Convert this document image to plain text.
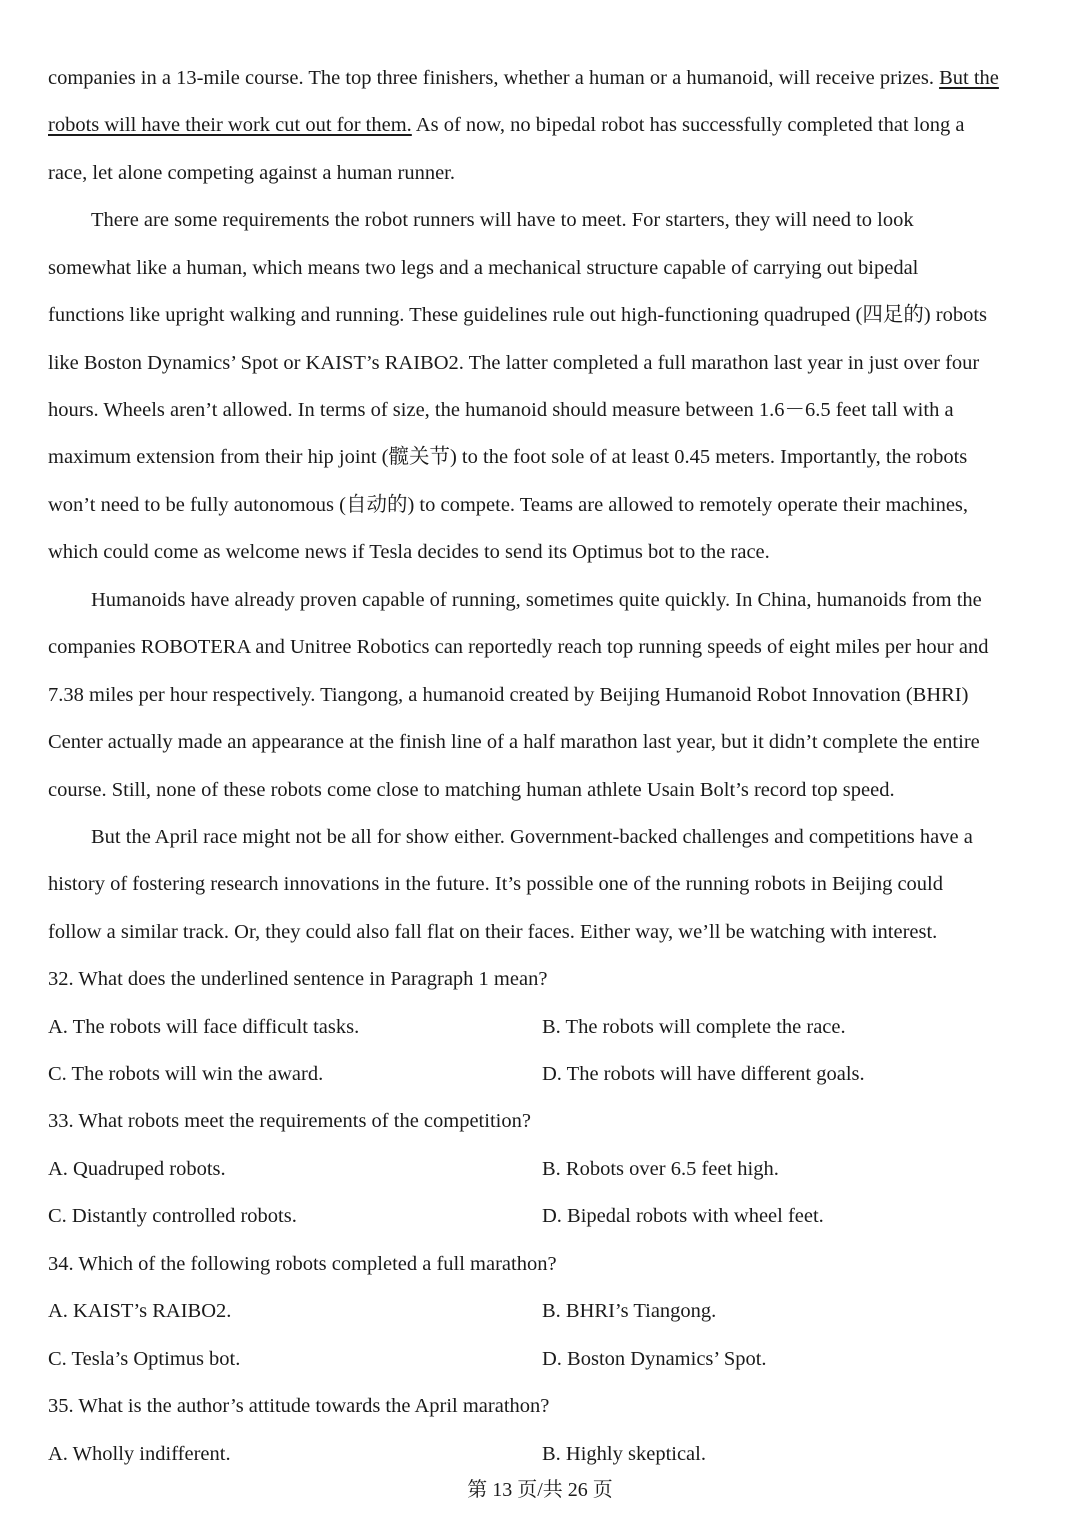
companies in a 13-mile course. The top three finishers, whether a human or a humanoid, will receive prizes. But the
robots will have their work cut out for them. As of now, no bipedal robot has successfully completed that long a
race, let alone competing against a human runner.
There are some requirements the robot runners will have to meet. For starters, they will need to look
somewhat like a human, which means two legs and a mechanical structure capable of carrying out bipedal
functions like upright walking and running. These guidelines rule out high-functioning quadruped (四足的) robots
like Boston Dynamics’ Spot or KAIST’s RAIBO2. The latter completed a full marathon last year in just over four
hours. Wheels aren’t allowed. In terms of size, the humanoid should measure between 1.6－6.5 feet tall with a
maximum extension from their hip joint (髋关节) to the foot sole of at least 0.45 meters. Importantly, the robots
won’t need to be fully autonomous (自动的) to compete. Teams are allowed to remotely operate their machines,
which could come as welcome news if Tesla decides to send its Optimus bot to the race.
Humanoids have already proven capable of running, sometimes quite quickly. In China, humanoids from the
companies ROBOTERA and Unitree Robotics can reportedly reach top running speeds of eight miles per hour and
7.38 miles per hour respectively. Tiangong, a humanoid created by Beijing Humanoid Robot Innovation (BHRI)
Center actually made an appearance at the finish line of a half marathon last year, but it didn’t complete the entire
course. Still, none of these robots come close to matching human athlete Usain Bolt’s record top speed.
But the April race might not be all for show either. Government-backed challenges and competitions have a
history of fostering research innovations in the future. It’s possible one of the running robots in Beijing could
follow a similar track. Or, they could also fall flat on their faces. Either way, we’ll be watching with interest.
32. What does the underlined sentence in Paragraph 1 mean?
A. The robots will face difficult tasks.	B. The robots will complete the race.
C. The robots will win the award.	D. The robots will have different goals.
33. What robots meet the requirements of the competition?
A. Quadruped robots.	B. Robots over 6.5 feet high.
C. Distantly controlled robots.	D. Bipedal robots with wheel feet.
34. Which of the following robots completed a full marathon?
A. KAIST’s RAIBO2.	B. BHRI’s Tiangong.
C. Tesla’s Optimus bot.	D. Boston Dynamics’ Spot.
35. What is the author’s attitude towards the April marathon?
A. Wholly indifferent.	B. Highly skeptical.
第 13 页/共 26 页
